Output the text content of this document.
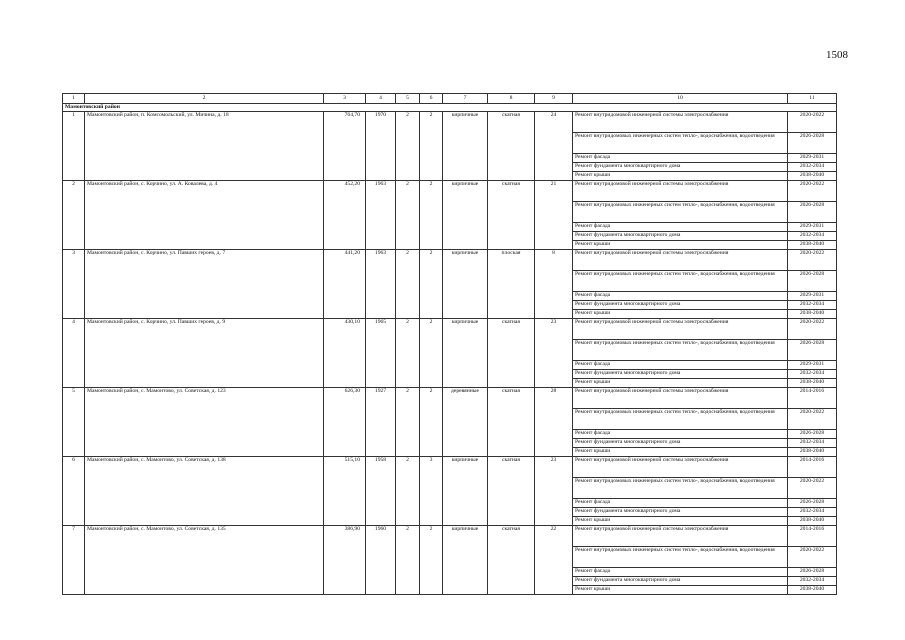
1508
1	2	3	4	5	6	7	8	9	10	11
Мамонтовский район										
1	Мамонтовский район, п. Комсомольский, ул. Мичина, д. 18	764,70	1970	2	2	кирпичные	скатная	24	Ремонт внутридомовой инженерной системы электроснабжения	2020-2022
									Ремонт внутридомовых инженерных систем тепло-, водоснабжения, водоотведения	2026-2028
									Ремонт фасада	2029-2031
									Ремонт фундамента многоквартирного дома	2032-2034
									Ремонт крыши	2038-2040
2	Мамонтовский район, с. Корчино, ул. А. Ковалева, д. 4	452,20	1963	2	2	кирпичные	скатная	21	Ремонт внутридомовой инженерной системы электроснабжения	2020-2022
									Ремонт внутридомовых инженерных систем тепло-, водоснабжения, водоотведения	2026-2028
									Ремонт фасада	2029-2031
									Ремонт фундамента многоквартирного дома	2032-2034
									Ремонт крыши	2038-2040
3	Мамонтовский район, с. Корчино, ул. Павших героев, д. 7	441,20	1963	2	2	кирпичные	плоская	8	Ремонт внутридомовой инженерной системы электроснабжения	2020-2022
									Ремонт внутридомовых инженерных систем тепло-, водоснабжения, водоотведения	2026-2028
									Ремонт фасада	2029-2031
									Ремонт фундамента многоквартирного дома	2032-2034
									Ремонт крыши	2038-2040
4	Мамонтовский район, с. Корчино, ул. Павших героев, д. 9	430,10	1965	2	2	кирпичные	скатная	23	Ремонт внутридомовой инженерной системы электроснабжения	2020-2022
									Ремонт внутридомовых инженерных систем тепло-, водоснабжения, водоотведения	2026-2028
									Ремонт фасада	2029-2031
									Ремонт фундамента многоквартирного дома	2032-2034
									Ремонт крыши	2038-2040
5	Мамонтовский район, с. Мамонтово, ул. Советская, д. 123	626,30	1927	2	2	деревянные	скатная	28	Ремонт внутридомовой инженерной системы электроснабжения	2014-2016
									Ремонт внутридомовых инженерных систем тепло-, водоснабжения, водоотведения	2020-2022
									Ремонт фасада	2026-2028
									Ремонт фундамента многоквартирного дома	2032-2034
									Ремонт крыши	2038-2040
6	Мамонтовский район, с. Мамонтово, ул. Советская, д. 138	515,10	1958	2	3	кирпичные	скатная	23	Ремонт внутридомовой инженерной системы электроснабжения	2014-2016
									Ремонт внутридомовых инженерных систем тепло-, водоснабжения, водоотведения	2020-2022
									Ремонт фасада	2026-2028
									Ремонт фундамента многоквартирного дома	2032-2034
									Ремонт крыши	2038-2040
7	Мамонтовский район, с. Мамонтово, ул. Советская, д. 135	386,90	1960	2	2	кирпичные	скатная	22	Ремонт внутридомовой инженерной системы электроснабжения	2014-2016
									Ремонт внутридомовых инженерных систем тепло-, водоснабжения, водоотведения	2020-2022
									Ремонт фасада	2026-2028
									Ремонт фундамента многоквартирного дома	2032-2034
									Ремонт крыши	2038-2040
